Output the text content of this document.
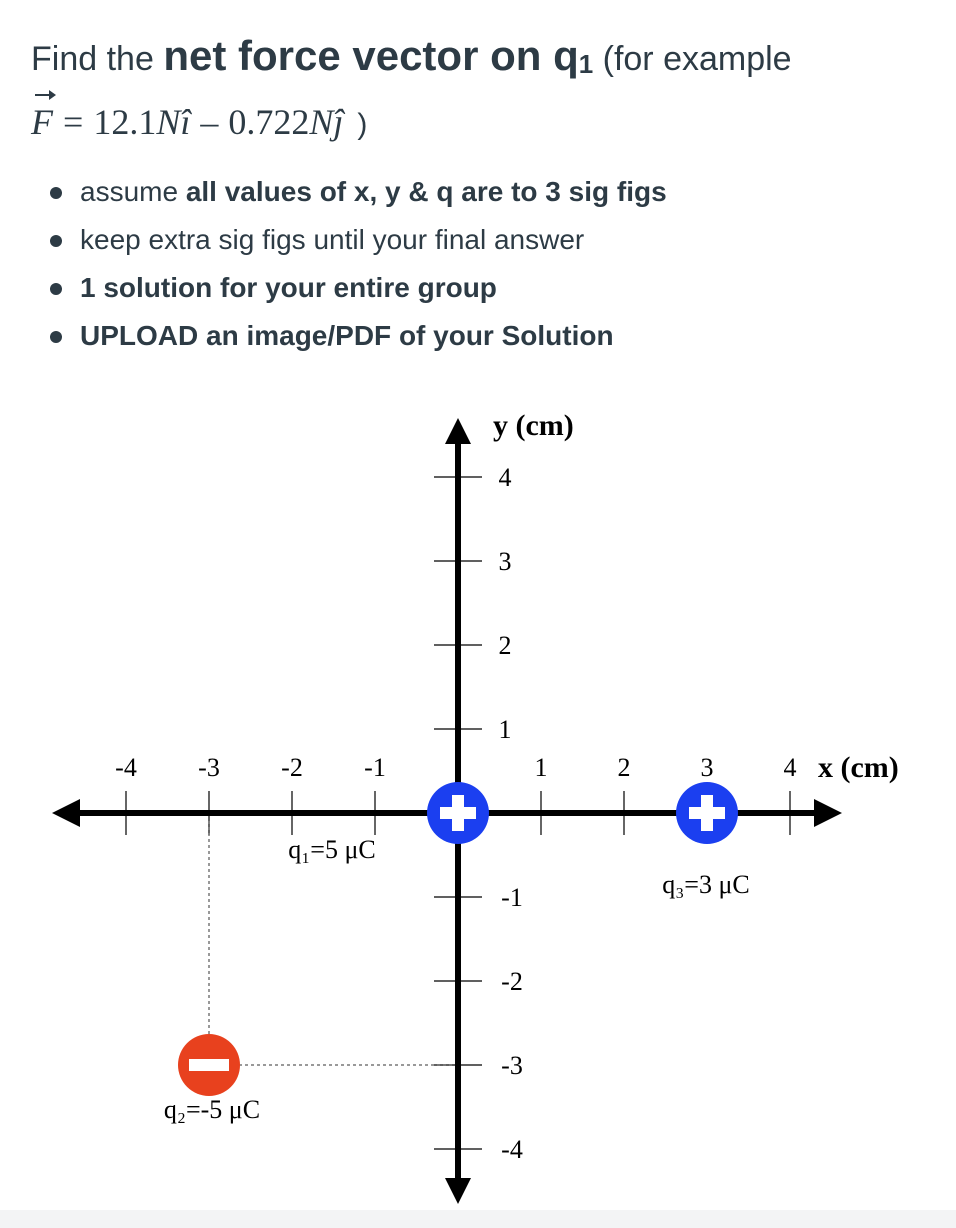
Find the net force vector on $q_1$ (for example
F = 12.1Nî – 0.722Nĵ )
assume all values of x, y & q are to 3 sig figs
keep extra sig figs until your final answer
1 solution for your entire group
UPLOAD an image/PDF of your Solution
y (cm)
x (cm)
-4 -3 -2 -1	1	2	3	4
4
3
2
1
-1
-2
-3
-4
q₁=5 μC
q₂=-5 μC
q₃=3 μC
